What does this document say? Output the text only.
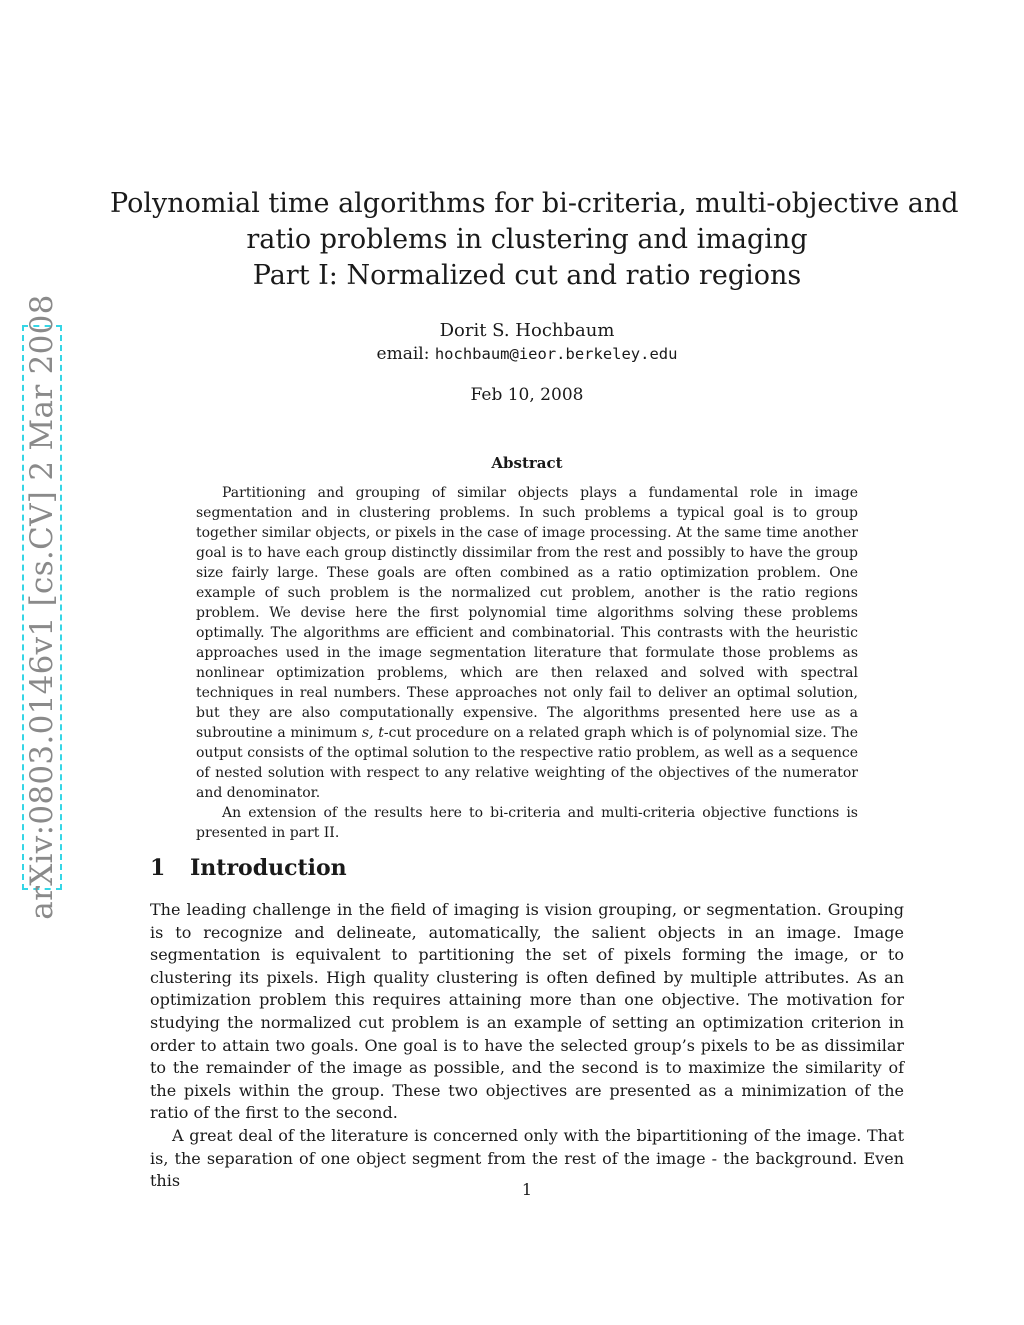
arXiv:0803.0146v1 [cs.CV] 2 Mar 2008
Polynomial time algorithms for bi-criteria, multi-objective and
ratio problems in clustering and imaging
Part I: Normalized cut and ratio regions
Dorit S. Hochbaum
email: hochbaum@ieor.berkeley.edu
Feb 10, 2008
Abstract

Partitioning and grouping of similar objects plays a fundamental role in image segmentation and in clustering problems. In such problems a typical goal is to group together similar objects, or pixels in the case of image processing. At the same time another goal is to have each group distinctly dissimilar from the rest and possibly to have the group size fairly large. These goals are often combined as a ratio optimization problem. One example of such problem is the normalized cut problem, another is the ratio regions problem. We devise here the first polynomial time algorithms solving these problems optimally. The algorithms are efficient and combinatorial. This contrasts with the heuristic approaches used in the image segmentation literature that formulate those problems as nonlinear optimization problems, which are then relaxed and solved with spectral techniques in real numbers. These approaches not only fail to deliver an optimal solution, but they are also computationally expensive. The algorithms presented here use as a subroutine a minimum s, t-cut procedure on a related graph which is of polynomial size. The output consists of the optimal solution to the respective ratio problem, as well as a sequence of nested solution with respect to any relative weighting of the objectives of the numerator and denominator.

An extension of the results here to bi-criteria and multi-criteria objective functions is presented in part II.

1 Introduction

The leading challenge in the field of imaging is vision grouping, or segmentation. Grouping is to recognize and delineate, automatically, the salient objects in an image. Image segmentation is equivalent to partitioning the set of pixels forming the image, or to clustering its pixels. High quality clustering is often defined by multiple attributes. As an optimization problem this requires attaining more than one objective. The motivation for studying the normalized cut problem is an example of setting an optimization criterion in order to attain two goals. One goal is to have the selected group’s pixels to be as dissimilar to the remainder of the image as possible, and the second is to maximize the similarity of the pixels within the group. These two objectives are presented as a minimization of the ratio of the first to the second.

A great deal of the literature is concerned only with the bipartitioning of the image. That is, the separation of one object segment from the rest of the image - the background. Even this	1
